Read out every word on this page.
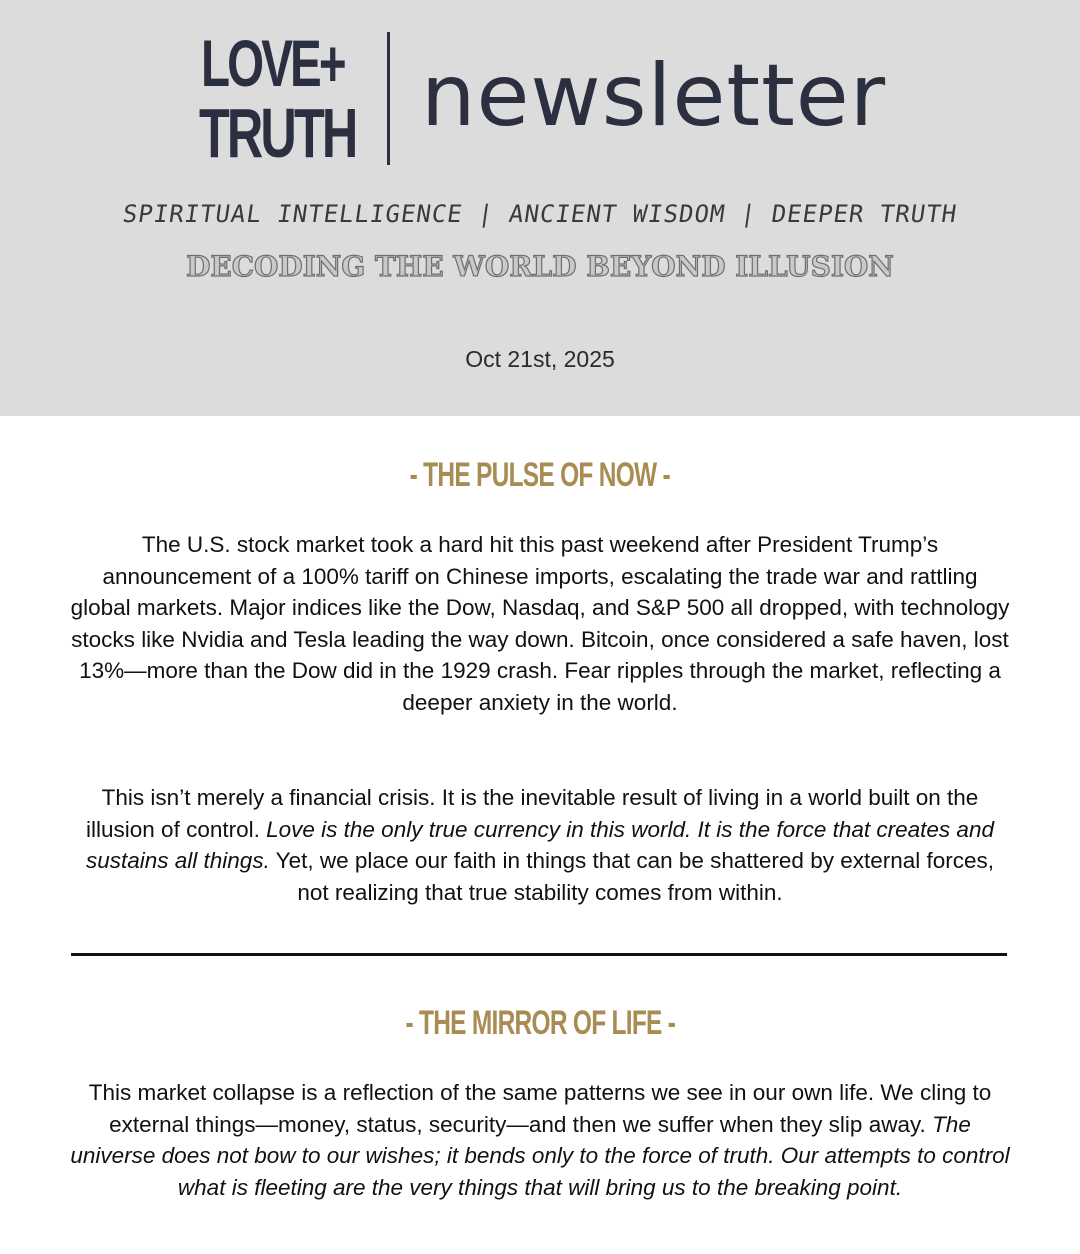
LOVE+
TRUTH newsletter
SPIRITUAL INTELLIGENCE | ANCIENT WISDOM | DEEPER TRUTH
DECODING THE WORLD BEYOND ILLUSION
Oct 21st, 2025
- THE PULSE OF NOW -

The U.S. stock market took a hard hit this past weekend after President Trump’s announcement of a 100% tariff on Chinese imports, escalating the trade war and rattling global markets. Major indices like the Dow, Nasdaq, and S&P 500 all dropped, with technology stocks like Nvidia and Tesla leading the way down. Bitcoin, once considered a safe haven, lost 13%—more than the Dow did in the 1929 crash. Fear ripples through the market, reflecting a deeper anxiety in the world.

This isn’t merely a financial crisis. It is the inevitable result of living in a world built on the illusion of control. Love is the only true currency in this world. It is the force that creates and sustains all things. Yet, we place our faith in things that can be shattered by external forces, not realizing that true stability comes from within.

- THE MIRROR OF LIFE -

This market collapse is a reflection of the same patterns we see in our own life. We cling to external things—money, status, security—and then we suffer when they slip away. The universe does not bow to our wishes; it bends only to the force of truth. Our attempts to control what is fleeting are the very things that will bring us to the breaking point.
